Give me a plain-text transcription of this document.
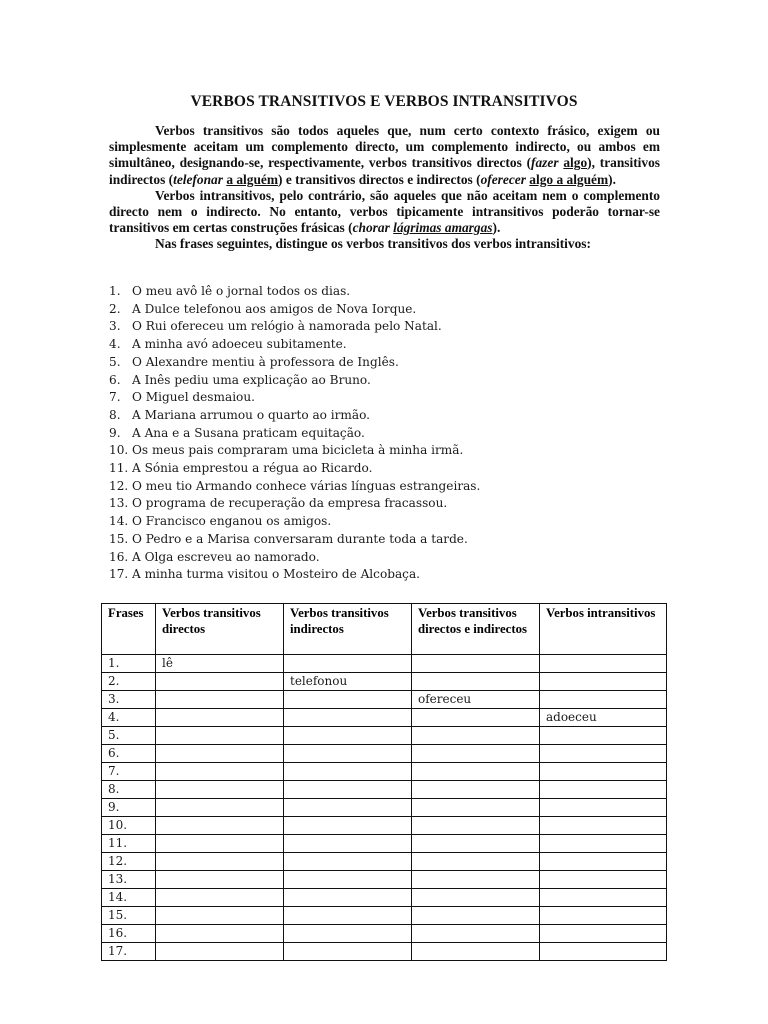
VERBOS TRANSITIVOS E VERBOS INTRANSITIVOS

Verbos transitivos são todos aqueles que, num certo contexto frásico, exigem ou simplesmente aceitam um complemento directo, um complemento indirecto, ou ambos em simultâneo, designando-se, respectivamente, verbos transitivos directos (fazer algo), transitivos indirectos (telefonar a alguém) e transitivos directos e indirectos (oferecer algo a alguém).

Verbos intransitivos, pelo contrário, são aqueles que não aceitam nem o complemento directo nem o indirecto. No entanto, verbos tipicamente intransitivos poderão tornar-se transitivos em certas construções frásicas (chorar lágrimas amargas).

Nas frases seguintes, distingue os verbos transitivos dos verbos intransitivos:

1. O meu avô lê o jornal todos os dias.
2. A Dulce telefonou aos amigos de Nova Iorque.
3. O Rui ofereceu um relógio à namorada pelo Natal.
4. A minha avó adoeceu subitamente.
5. O Alexandre mentiu à professora de Inglês.
6. A Inês pediu uma explicação ao Bruno.
7. O Miguel desmaiou.
8. A Mariana arrumou o quarto ao irmão.
9. A Ana e a Susana praticam equitação.
10. Os meus pais compraram uma bicicleta à minha irmã.
11. A Sónia emprestou a régua ao Ricardo.
12. O meu tio Armando conhece várias línguas estrangeiras.
13. O programa de recuperação da empresa fracassou.
14. O Francisco enganou os amigos.
15. O Pedro e a Marisa conversaram durante toda a tarde.
16. A Olga escreveu ao namorado.
17. A minha turma visitou o Mosteiro de Alcobaça.
Frases	Verbos transitivos directos	Verbos transitivos indirectos	Verbos transitivos directos e indirectos	Verbos intransitivos
1.	lê			
2.		telefonou		
3.			ofereceu	
4.				adoeceu
5.				
6.				
7.				
8.				
9.				
10.				
11.				
12.				
13.				
14.				
15.				
16.				
17.				
